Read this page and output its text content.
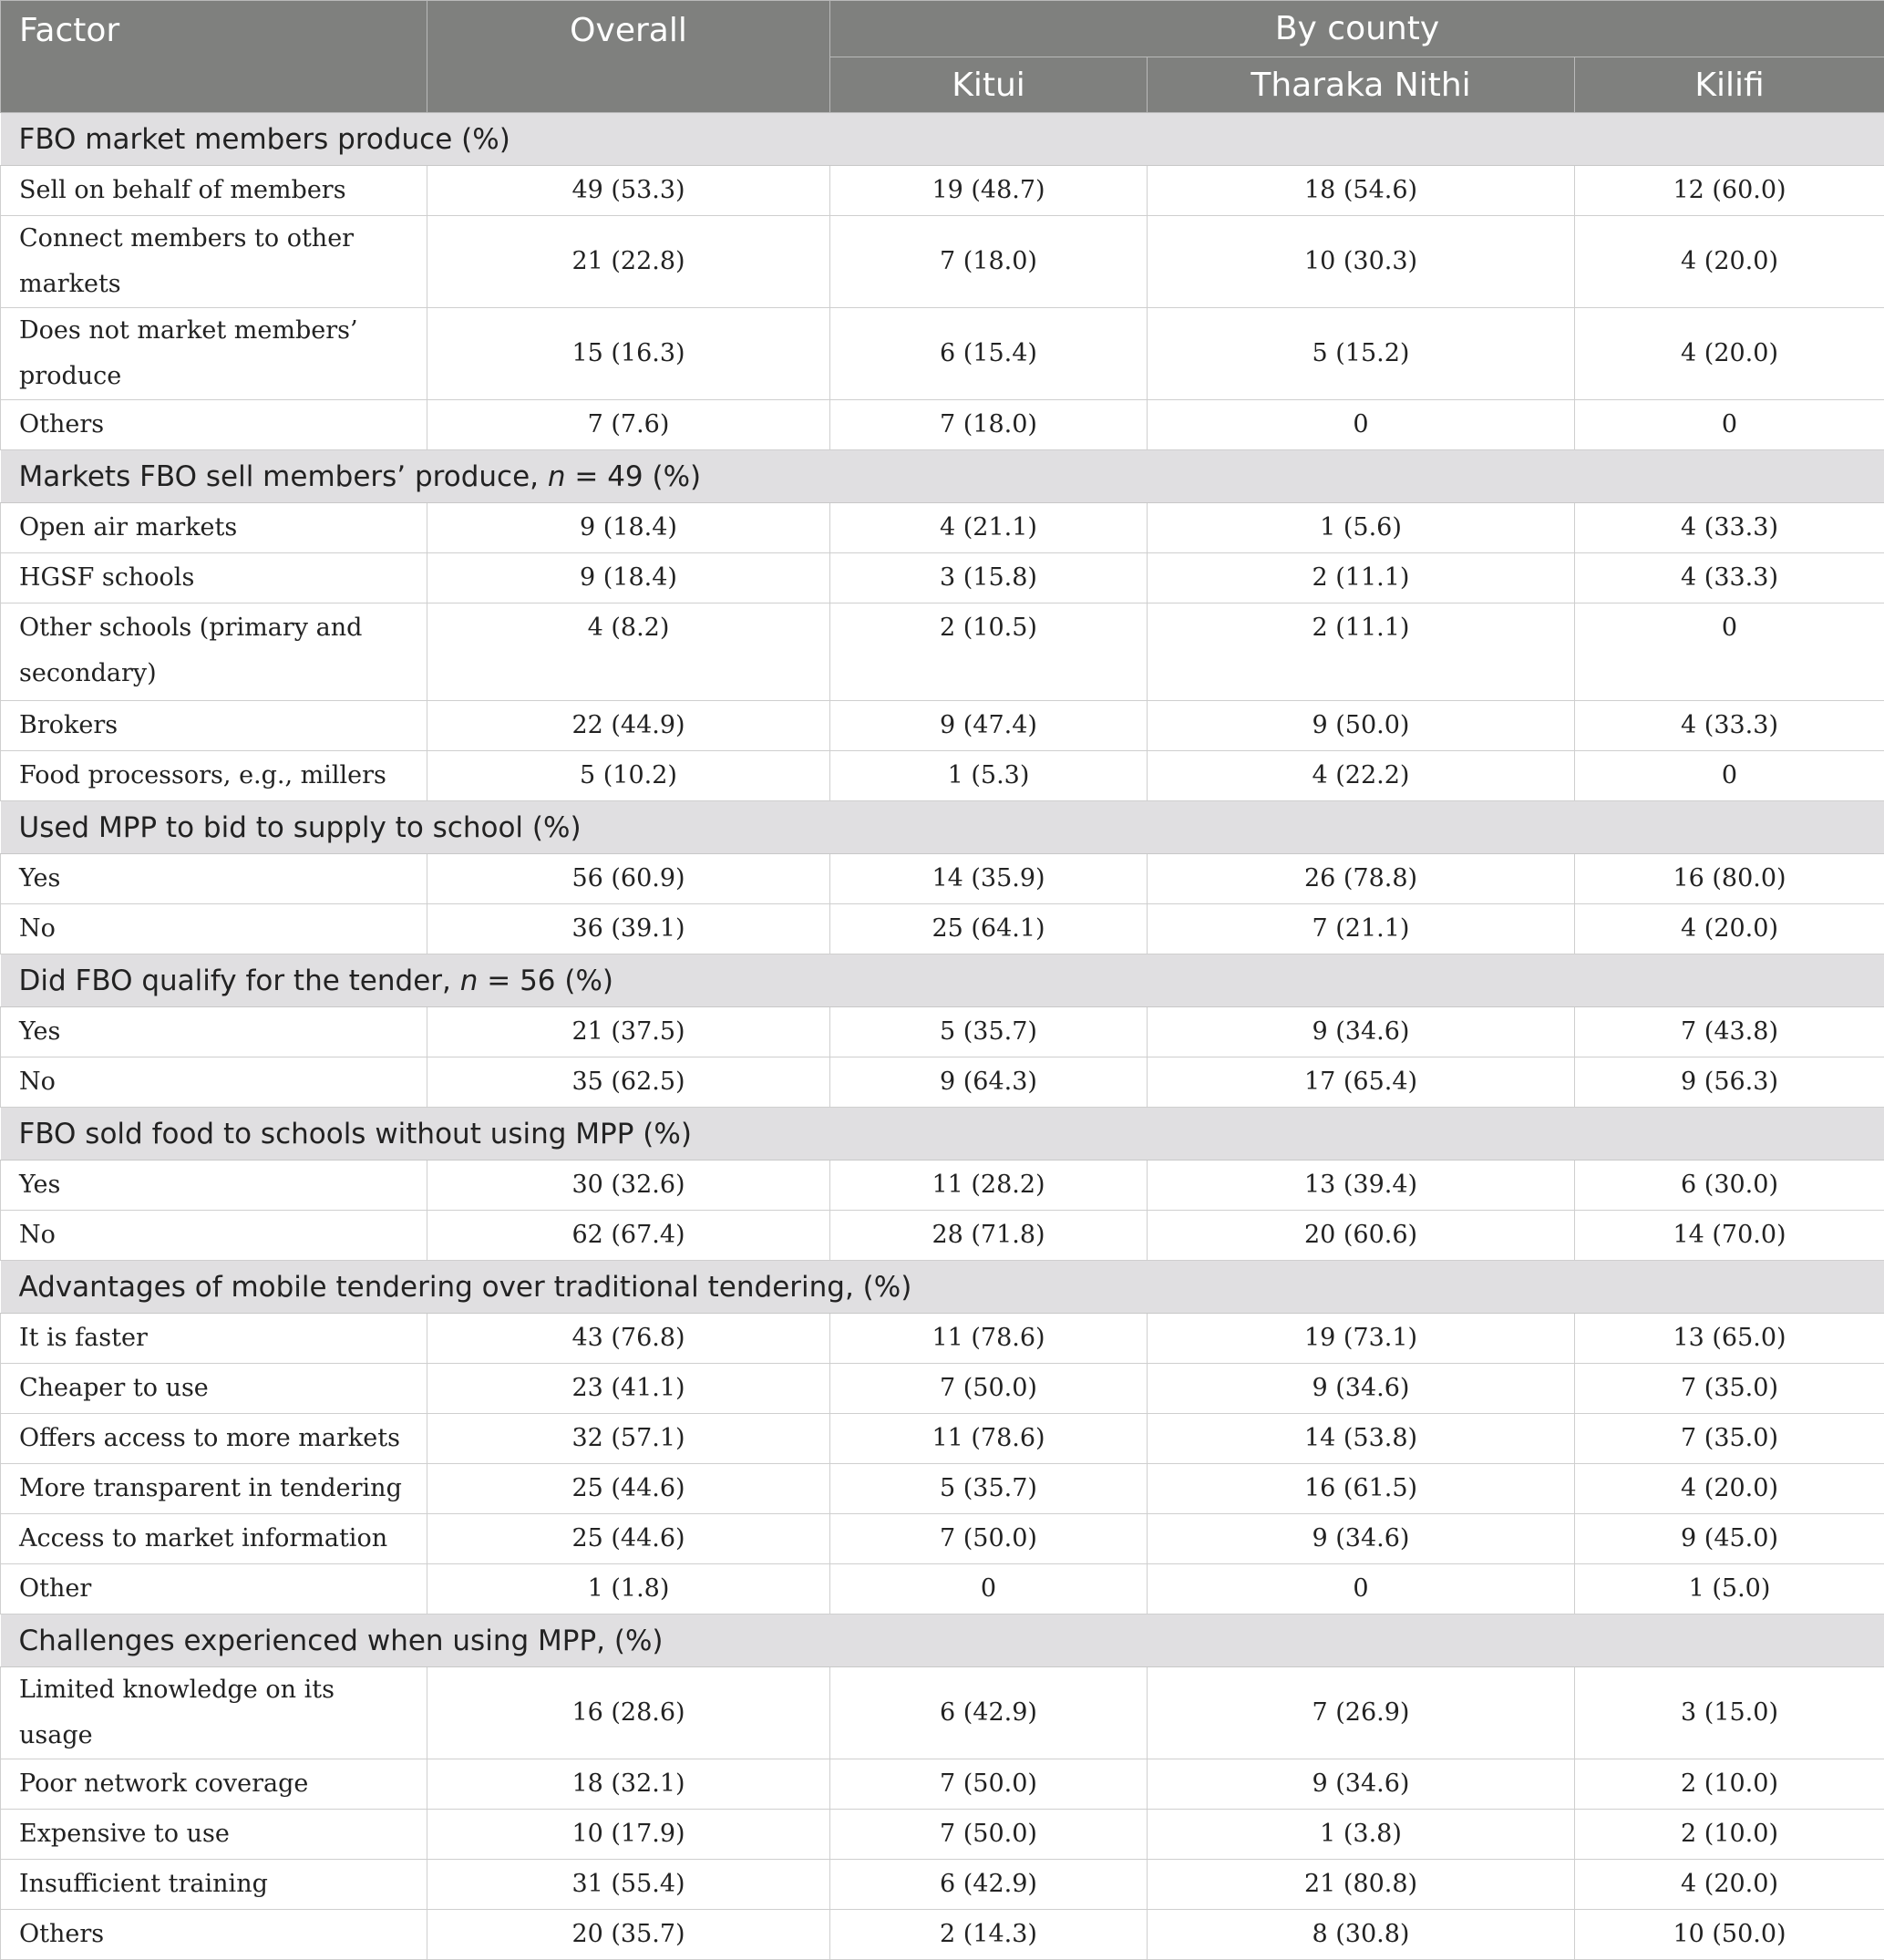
Factor	Overall	By county		
		Kitui	Tharaka Nithi	Kilifi
FBO market members produce (%)				
Sell on behalf of members	49 (53.3)	19 (48.7)	18 (54.6)	12 (60.0)
Connect members to other markets	21 (22.8)	7 (18.0)	10 (30.3)	4 (20.0)
Does not market members’ produce	15 (16.3)	6 (15.4)	5 (15.2)	4 (20.0)
Others	7 (7.6)	7 (18.0)	0	0
Markets FBO sell members’ produce, n = 49 (%)				
Open air markets	9 (18.4)	4 (21.1)	1 (5.6)	4 (33.3)
HGSF schools	9 (18.4)	3 (15.8)	2 (11.1)	4 (33.3)
Other schools (primary and
secondary)	4 (8.2)	2 (10.5)	2 (11.1)	0
Brokers	22 (44.9)	9 (47.4)	9 (50.0)	4 (33.3)
Food processors, e.g., millers	5 (10.2)	1 (5.3)	4 (22.2)	0
Used MPP to bid to supply to school (%)				
Yes	56 (60.9)	14 (35.9)	26 (78.8)	16 (80.0)
No	36 (39.1)	25 (64.1)	7 (21.1)	4 (20.0)
Did FBO qualify for the tender, n = 56 (%)				
Yes	21 (37.5)	5 (35.7)	9 (34.6)	7 (43.8)
No	35 (62.5)	9 (64.3)	17 (65.4)	9 (56.3)
FBO sold food to schools without using MPP (%)				
Yes	30 (32.6)	11 (28.2)	13 (39.4)	6 (30.0)
No	62 (67.4)	28 (71.8)	20 (60.6)	14 (70.0)
Advantages of mobile tendering over traditional tendering, (%)				
It is faster	43 (76.8)	11 (78.6)	19 (73.1)	13 (65.0)
Cheaper to use	23 (41.1)	7 (50.0)	9 (34.6)	7 (35.0)
Offers access to more markets	32 (57.1)	11 (78.6)	14 (53.8)	7 (35.0)
More transparent in tendering	25 (44.6)	5 (35.7)	16 (61.5)	4 (20.0)
Access to market information	25 (44.6)	7 (50.0)	9 (34.6)	9 (45.0)
Other	1 (1.8)	0	0	1 (5.0)
Challenges experienced when using MPP, (%)				
Limited knowledge on its usage	16 (28.6)	6 (42.9)	7 (26.9)	3 (15.0)
Poor network coverage	18 (32.1)	7 (50.0)	9 (34.6)	2 (10.0)
Expensive to use	10 (17.9)	7 (50.0)	1 (3.8)	2 (10.0)
Insufficient training	31 (55.4)	6 (42.9)	21 (80.8)	4 (20.0)
Others	20 (35.7)	2 (14.3)	8 (30.8)	10 (50.0)
